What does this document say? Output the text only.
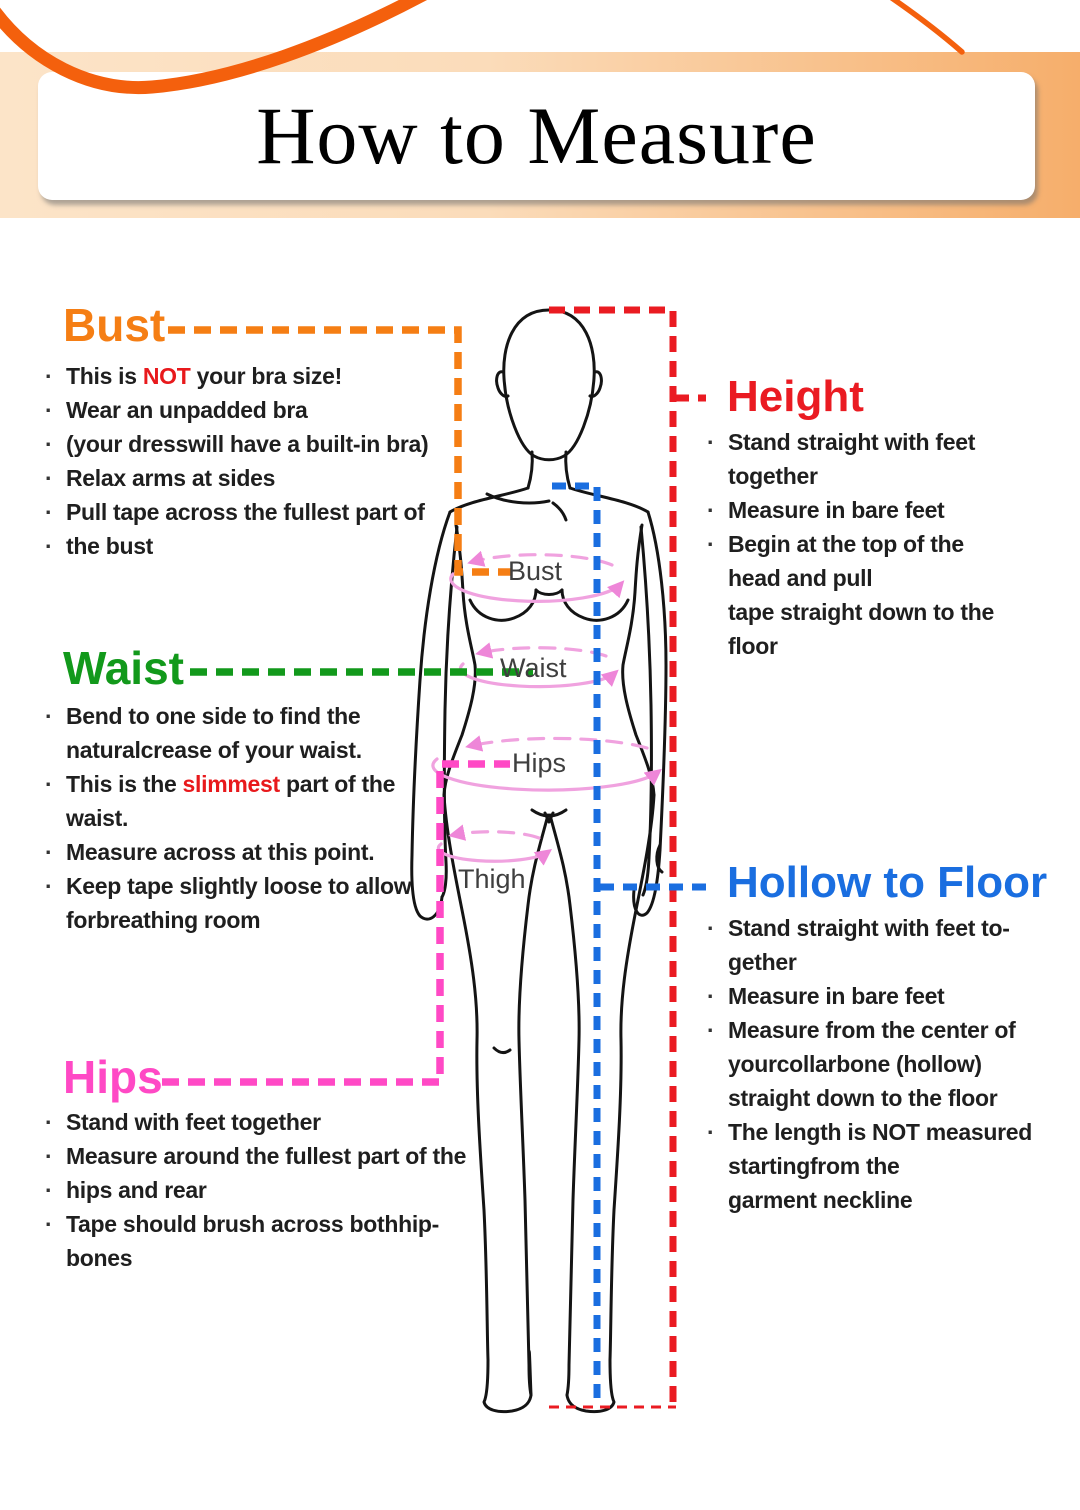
How to Measure
Bust
Waist
Hips
Thigh
Bust
· This is NOT your bra size!
· Wear an unpadded bra
· (your dresswill have a built-in bra)
· Relax arms at sides
· Pull tape across the fullest part of
· the bust
Waist
· Bend to one side to find the
naturalcrease of your waist.
· This is the slimmest part of the
waist.
· Measure across at this point.
· Keep tape slightly loose to allow
forbreathing room
Hips
· Stand with feet together
· Measure around the fullest part of the
· hips and rear
· Tape should brush across bothhip-
bones
Height
· Stand straight with feet
together
· Measure in bare feet
· Begin at the top of the
head and pull
tape straight down to the
floor
Hollow to Floor
· Stand straight with feet to-
gether
· Measure in bare feet
· Measure from the center of
yourcollarbone (hollow)
straight down to the floor
· The length is NOT measured
startingfrom the
garment neckline
